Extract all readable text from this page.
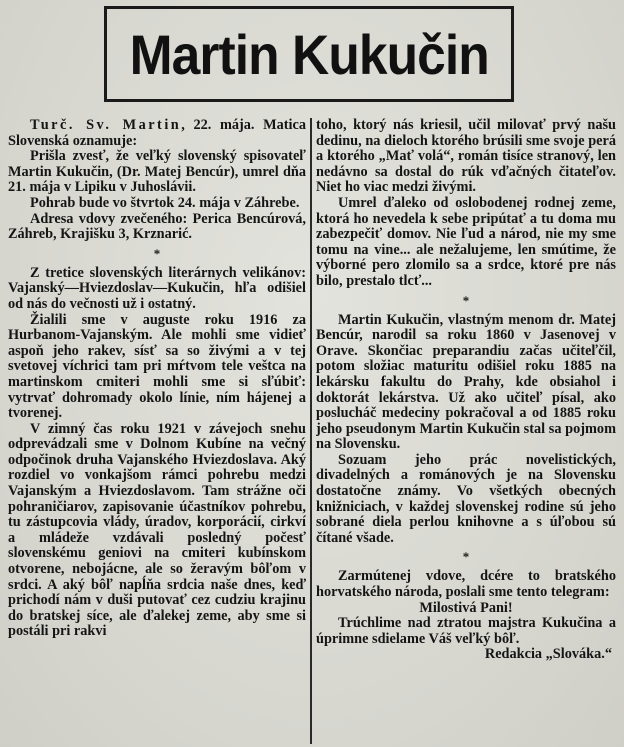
Martin Kukučin

Turč. Sv. Martin, 22. mája. Matica Slovenská oznamuje:

Prišla zvesť, že veľký slovenský spisovateľ Martin Kukučin, (Dr. Matej Bencúr), umrel dňa 21. mája v Lipiku v Juhoslávii.

Pohrab bude vo štvrtok 24. mája v Záhrebe.

Adresa vdovy zvečeného: Perica Bencúrová, Záhreb, Krajišku 3, Krznarić.

*

Z tretice slovenských literárnych velikánov: Vajanský—Hviezdoslav—Kukučin, hľa odišiel od nás do večnosti už i ostatný.

Žialili sme v auguste roku 1916 za Hurbanom-Vajanským. Ale mohli sme vidieť aspoň jeho rakev, sísť sa so živými a v tej svetovej víchrici tam pri mŕtvom tele veštca na martinskom cmiteri mohli sme si sľúbiť: vytrvať dohromady okolo línie, ním hájenej a tvorenej.

V zimný čas roku 1921 v závejoch snehu odprevádzali sme v Dolnom Kubíne na večný odpočinok druha Vajanského Hviezdoslava. Aký rozdiel vo vonkajšom rámci pohrebu medzi Vajanským a Hviezdoslavom. Tam strážne oči pohraničiarov, zapisovanie účastníkov pohrebu, tu zástupcovia vlády, úradov, korporácií, cirkví a mládeže vzdávali posledný počesť slovenskému geniovi na cmiteri kubínskom otvorene, nebojácne, ale so žeravým bôľom v srdci. A aký bôľ napĺňa srdcia naše dnes, keď prichodí nám v duši putovať cez cudziu krajinu do bratskej síce, ale ďalekej zeme, aby sme si postáli pri rakvi

toho, ktorý nás kriesil, učil milovať prvý našu dedinu, na dieloch ktorého brúsili sme svoje perá a ktorého „Mať volá“, román tisíce stranový, len nedávno sa dostal do rúk vďačných čitateľov. Niet ho viac medzi živými.

Umrel ďaleko od oslobodenej rodnej zeme, ktorá ho nevedela k sebe pripútať a tu doma mu zabezpečiť domov. Nie ľud a národ, nie my sme tomu na vine... ale nežalujeme, len smútime, že výborné pero zlomilo sa a srdce, ktoré pre nás bilo, prestalo tlcť...

*

Martin Kukučin, vlastným menom dr. Matej Bencúr, narodil sa roku 1860 v Jasenovej v Orave. Skončiac preparandiu začas učiteľčil, potom složiac maturitu odišiel roku 1885 na lekársku fakultu do Prahy, kde obsiahol i doktorát lekárstva. Už ako učiteľ písal, ako poslucháč medeciny pokračoval a od 1885 roku jeho pseudonym Martin Kukučin stal sa pojmom na Slovensku.

Sozuam jeho prác novelistických, divadelných a románových je na Slovensku dostatočne známy. Vo všetkých obecných knižniciach, v každej slovenskej rodine sú jeho sobrané diela perlou knihovne a s úľobou sú čítané všade.

*

Zarmútenej vdove, dcére to bratského horvatského národa, poslali sme tento telegram:

Milostivá Pani!

Trúchlime nad ztratou majstra Kukučina a úprimne sdielame Váš veľký bôľ.

Redakcia „Slováka.“
